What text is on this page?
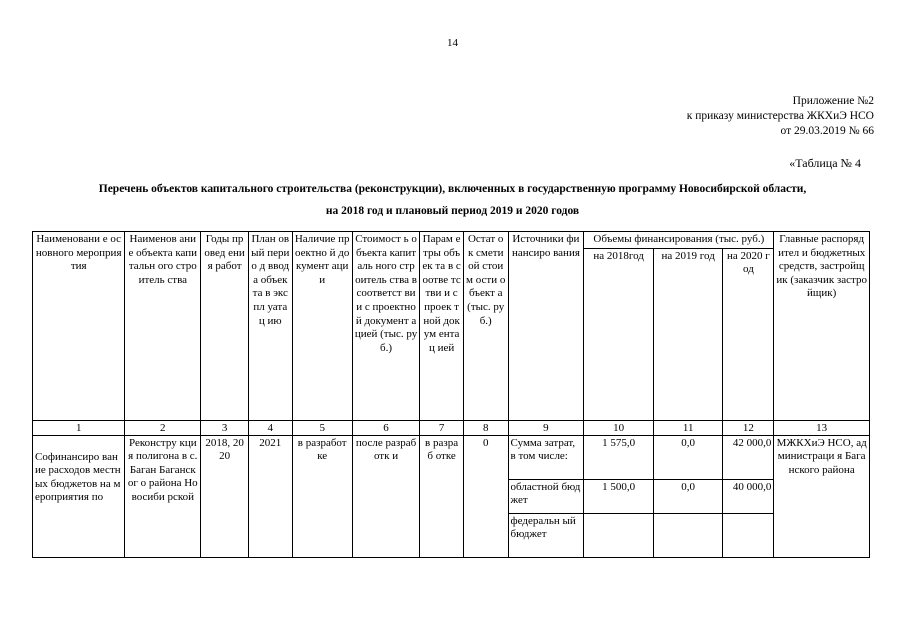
14
Приложение №2
к приказу министерства ЖКХиЭ НСО
от 29.03.2019 № 66
«Таблица № 4
Перечень объектов капитального строительства (реконструкции), включенных в государственную программу Новосибирской области,
на 2018 год и плановый период 2019 и 2020 годов
Наименовани е основного мероприятия	Наименов ание объекта капитальн ого строитель ства	Годы провед ения работ	План овый перио д ввода объек та в экспл уатац ию	Наличие проектно й документ ации	Стоимост ь объекта капиталь ного строитель ства в соответст вии с проектно й документ ацией (тыс. руб.)	Парам етры объек та в соотве тстви и с проек тной докум ентац ией	Остат ок смети ой стоим ости объект а (тыс. руб.)	Источники финансиро вания	Объемы финансирования (тыс. руб.)			Главные распорядител и бюджетных средств, застройщик (заказчик застройщик)
									на 2018год	на 2019 год	на 2020 год	
1	2	3	4	5	6	7	8	9	10	11	12	13
Софинансиро вание расходов местных бюджетов на мероприятия по	Реконстру кция полигона в с. Баган Баганског о района Новосиби рской	2018, 2020	2021	в разработ ке	после разработк и	в разраб отке	0	Сумма затрат, в том числе:	1 575,0	0,0	42 000,0	МЖКХиЭ НСО, администраци я Баганского района
								областной бюджет	1 500,0	0,0	40 000,0	
								федеральн ый бюджет				
